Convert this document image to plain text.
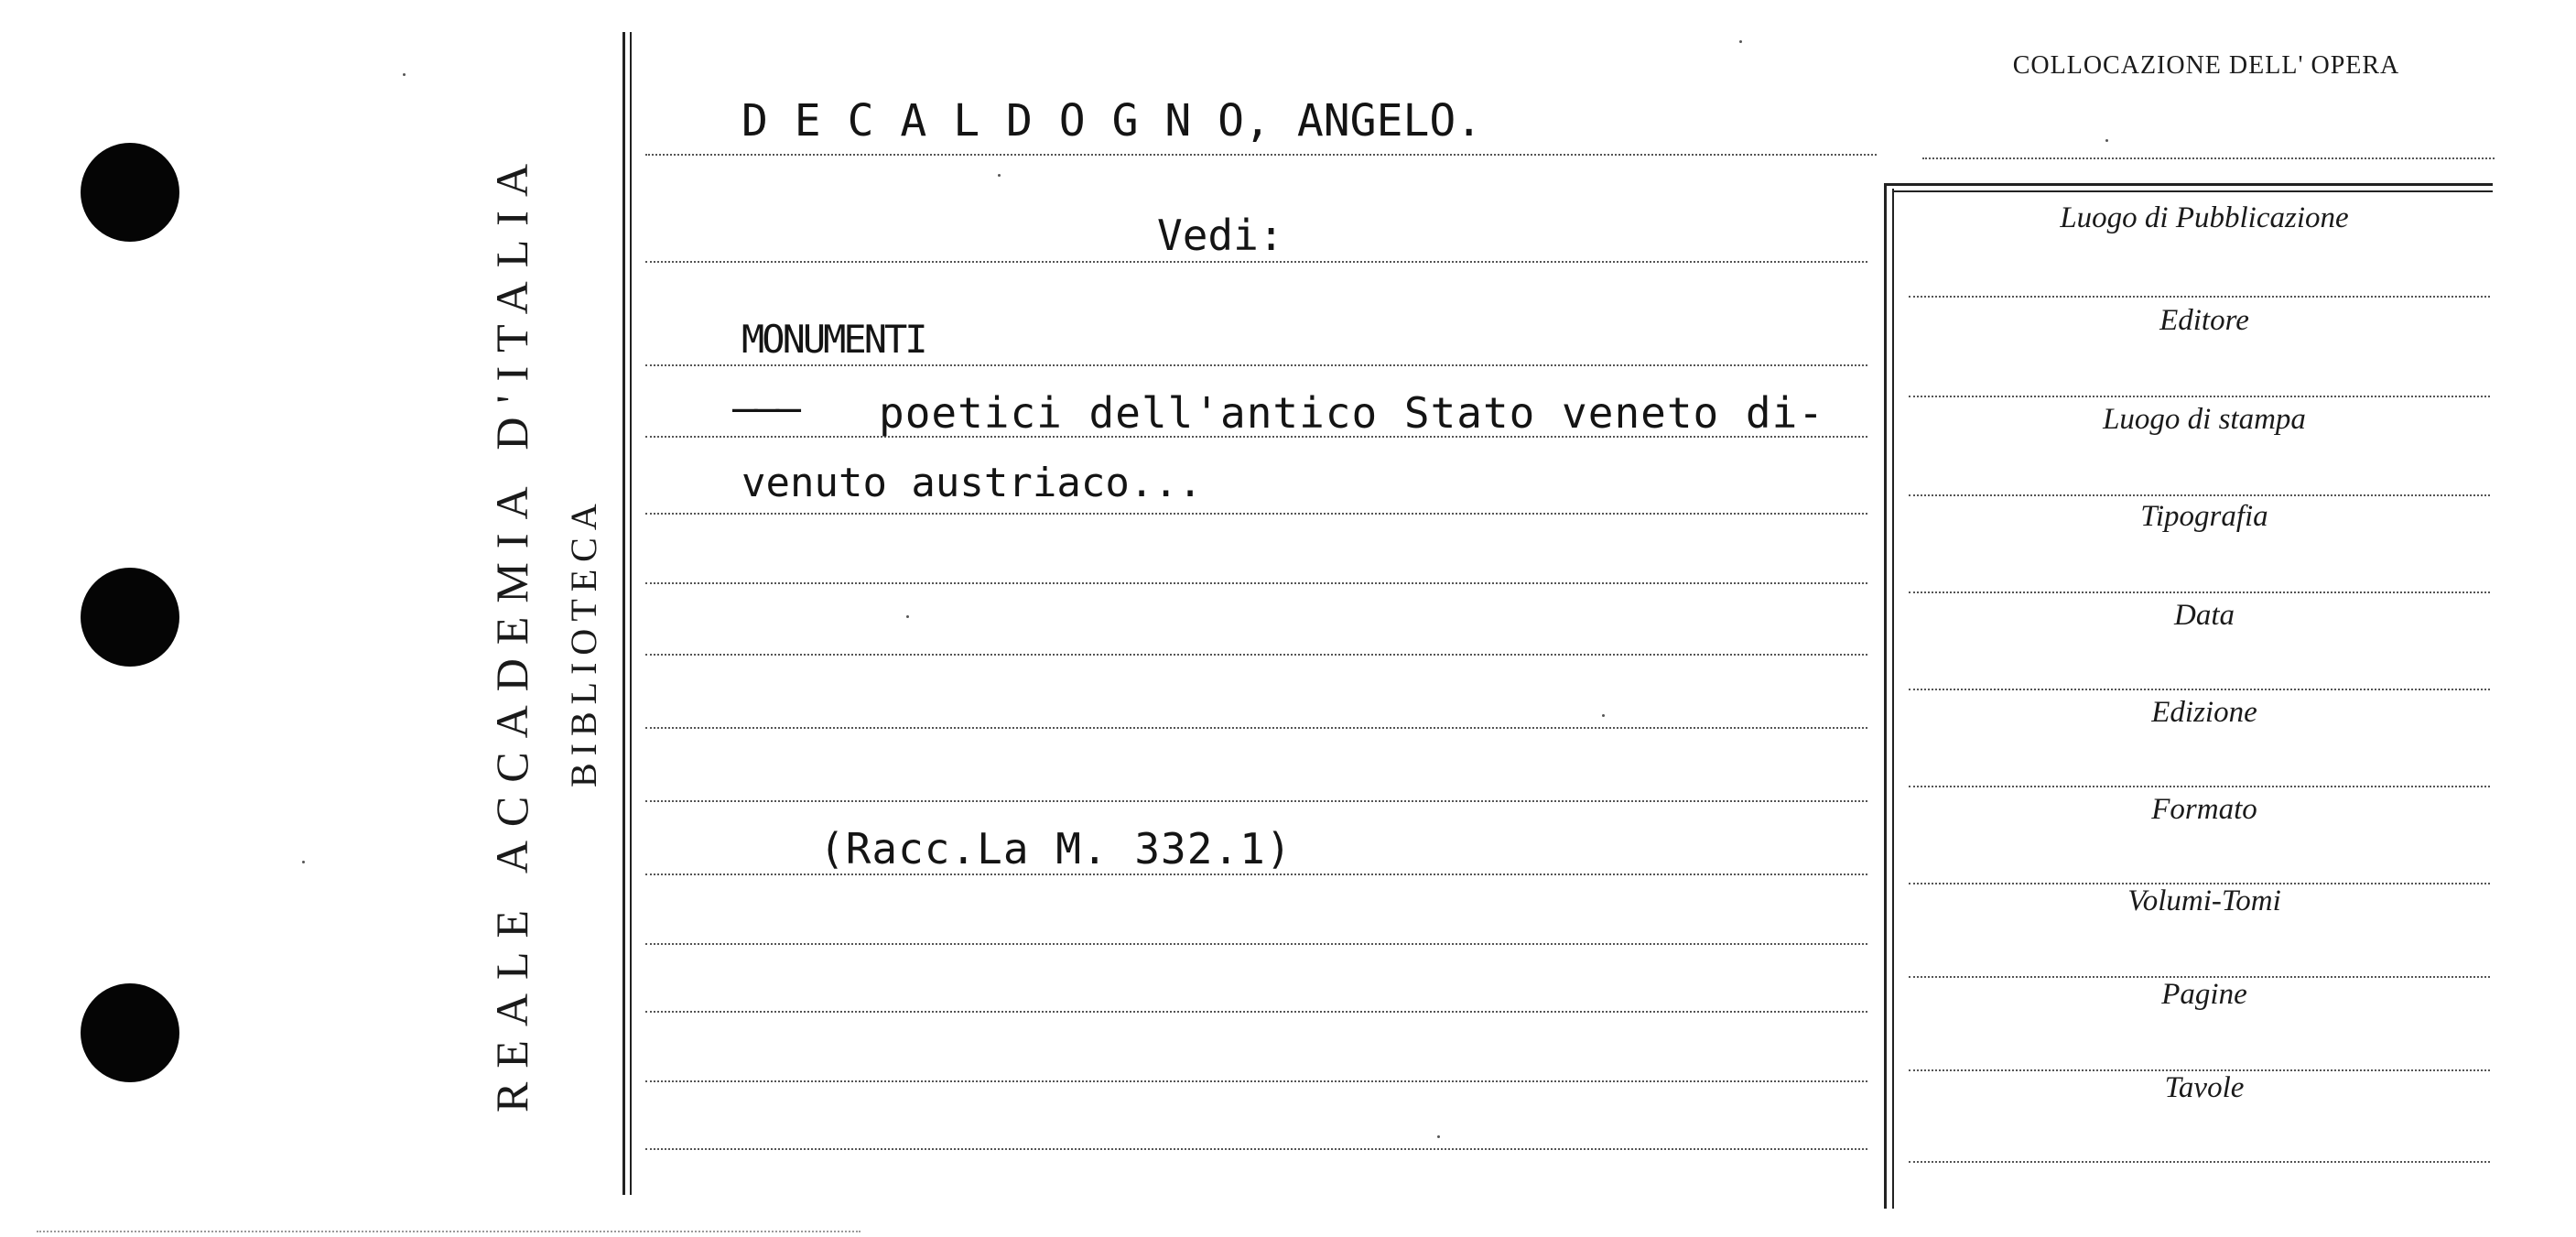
REALE ACCADEMIA D'ITALIA BIBLIOTECA
COLLOCAZIONE DELL' OPERA
D E C A L D O G N O, ANGELO.
Vedi:
MONUMENTI
——— poetici dell'antico Stato veneto di-
venuto austriaco...
(Racc.La M. 332.1)
Luogo di Pubblicazione
Editore
Luogo di stampa
Tipografia
Data
Edizione
Formato
Volumi-Tomi
Pagine
Tavole
